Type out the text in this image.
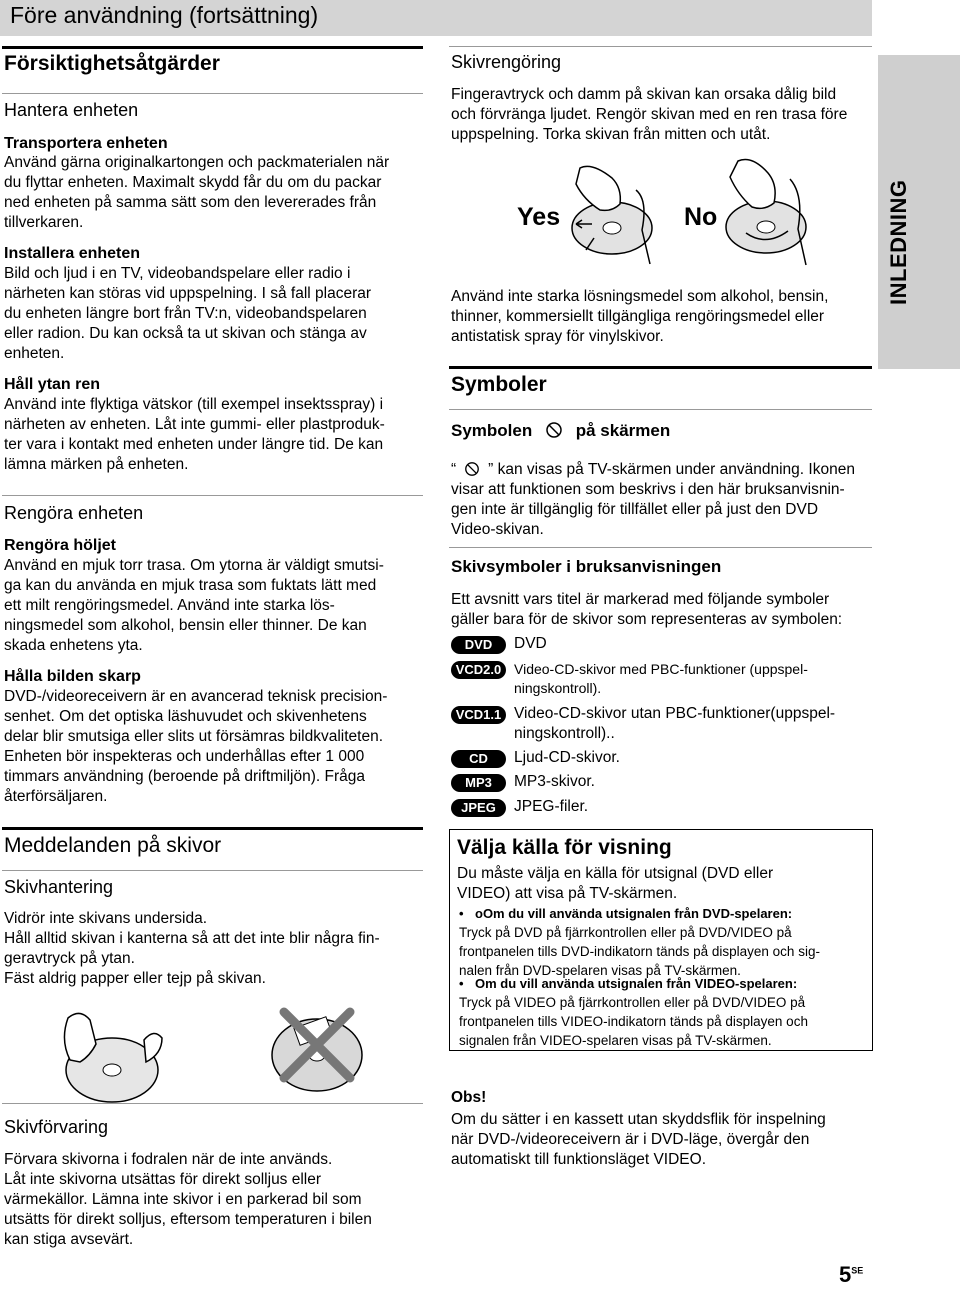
Före användning (fortsättning)
INLEDNING
Försiktighetsåtgärder
Hantera enheten
Transportera enheten
Använd gärna originalkartongen och packmaterialen när
du flyttar enheten. Maximalt skydd får du om du packar
ned enheten på samma sätt som den levererades från
tillverkaren.
Installera enheten
Bild och ljud i en TV, videobandspelare eller radio i
närheten kan störas vid uppspelning. I så fall placerar
du enheten längre bort från TV:n, videobandspelaren
eller radion. Du kan också ta ut skivan och stänga av
enheten.
Håll ytan ren
Använd inte flyktiga vätskor (till exempel insektsspray) i
närheten av enheten. Låt inte gummi- eller plastproduk-
ter vara i kontakt med enheten under längre tid. De kan
lämna märken på enheten.
Rengöra enheten
Rengöra höljet
Använd en mjuk torr trasa. Om ytorna är väldigt smutsi-
ga kan du använda en mjuk trasa som fuktats lätt med
ett milt rengöringsmedel. Använd inte starka lös-
ningsmedel som alkohol, bensin eller thinner. De kan
skada enhetens yta.
Hålla bilden skarp
DVD-/videoreceivern är en avancerad teknisk precision-
senhet. Om det optiska läshuvudet och skivenhetens
delar blir smutsiga eller slits ut försämras bildkvaliteten.
Enheten bör inspekteras och underhållas efter 1 000
timmars användning (beroende på driftmiljön). Fråga
återförsäljaren.
Meddelanden på skivor
Skivhantering
Vidrör inte skivans undersida.
Håll alltid skivan i kanterna så att det inte blir några fin-
geravtryck på ytan.
Fäst aldrig papper eller tejp på skivan.
Skivförvaring
Förvara skivorna i fodralen när de inte används.
Låt inte skivorna utsättas för direkt solljus eller
värmekällor. Lämna inte skivor i en parkerad bil som
utsätts för direkt solljus, eftersom temperaturen i bilen
kan stiga avsevärt.
Skivrengöring
Fingeravtryck och damm på skivan kan orsaka dålig bild
och förvränga ljudet. Rengör skivan med en ren trasa före
uppspelning. Torka skivan från mitten och utåt.
Yes	No
Använd inte starka lösningsmedel som alkohol, bensin,
thinner, kommersiellt tillgängliga rengöringsmedel eller
antistatisk spray för vinylskivor.
Symboler
Symbolen	på skärmen
“ ” kan visas på TV-skärmen under användning. Ikonen
visar att funktionen som beskrivs i den här bruksanvisnin-
gen inte är tillgänglig för tillfället eller på just den DVD
Video-skivan.
Skivsymboler i bruksanvisningen
Ett avsnitt vars titel är markerad med följande symboler
gäller bara för de skivor som representeras av symbolen:
DVD	DVD
VCD2.0 Video-CD-skivor med PBC-funktioner (uppspel-
ningskontroll).
VCD1.1 Video-CD-skivor utan PBC-funktioner(uppspel-
ningskontroll)..
CD	Ljud-CD-skivor.
MP3	MP3-skivor.
JPEG	JPEG-filer.
Välja källa för visning
Du måste välja en källa för utsignal (DVD eller
VIDEO) att visa på TV-skärmen.
• oOm du vill använda utsignalen från DVD-spelaren:
Tryck på DVD på fjärrkontrollen eller på DVD/VIDEO på
frontpanelen tills DVD-indikatorn tänds på displayen och sig-
nalen från DVD-spelaren visas på TV-skärmen.
• Om du vill använda utsignalen från VIDEO-spelaren:
Tryck på VIDEO på fjärrkontrollen eller på DVD/VIDEO på
frontpanelen tills VIDEO-indikatorn tänds på displayen och
signalen från VIDEO-spelaren visas på TV-skärmen.
Obs!
Om du sätter i en kassett utan skyddsflik för inspelning
när DVD-/videoreceivern är i DVD-läge, övergår den
automatiskt till funktionsläget VIDEO.
$5^{SE}$
